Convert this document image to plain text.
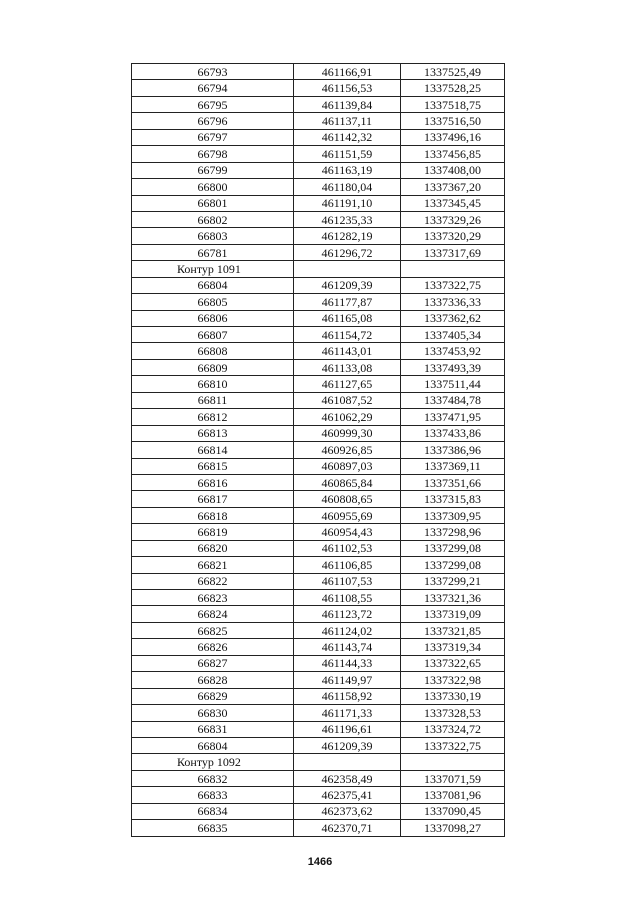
66793	461166,91	1337525,49
66794	461156,53	1337528,25
66795	461139,84	1337518,75
66796	461137,11	1337516,50
66797	461142,32	1337496,16
66798	461151,59	1337456,85
66799	461163,19	1337408,00
66800	461180,04	1337367,20
66801	461191,10	1337345,45
66802	461235,33	1337329,26
66803	461282,19	1337320,29
66781	461296,72	1337317,69
Контур 1091		
66804	461209,39	1337322,75
66805	461177,87	1337336,33
66806	461165,08	1337362,62
66807	461154,72	1337405,34
66808	461143,01	1337453,92
66809	461133,08	1337493,39
66810	461127,65	1337511,44
66811	461087,52	1337484,78
66812	461062,29	1337471,95
66813	460999,30	1337433,86
66814	460926,85	1337386,96
66815	460897,03	1337369,11
66816	460865,84	1337351,66
66817	460808,65	1337315,83
66818	460955,69	1337309,95
66819	460954,43	1337298,96
66820	461102,53	1337299,08
66821	461106,85	1337299,08
66822	461107,53	1337299,21
66823	461108,55	1337321,36
66824	461123,72	1337319,09
66825	461124,02	1337321,85
66826	461143,74	1337319,34
66827	461144,33	1337322,65
66828	461149,97	1337322,98
66829	461158,92	1337330,19
66830	461171,33	1337328,53
66831	461196,61	1337324,72
66804	461209,39	1337322,75
Контур 1092		
66832	462358,49	1337071,59
66833	462375,41	1337081,96
66834	462373,62	1337090,45
66835	462370,71	1337098,27
1466
